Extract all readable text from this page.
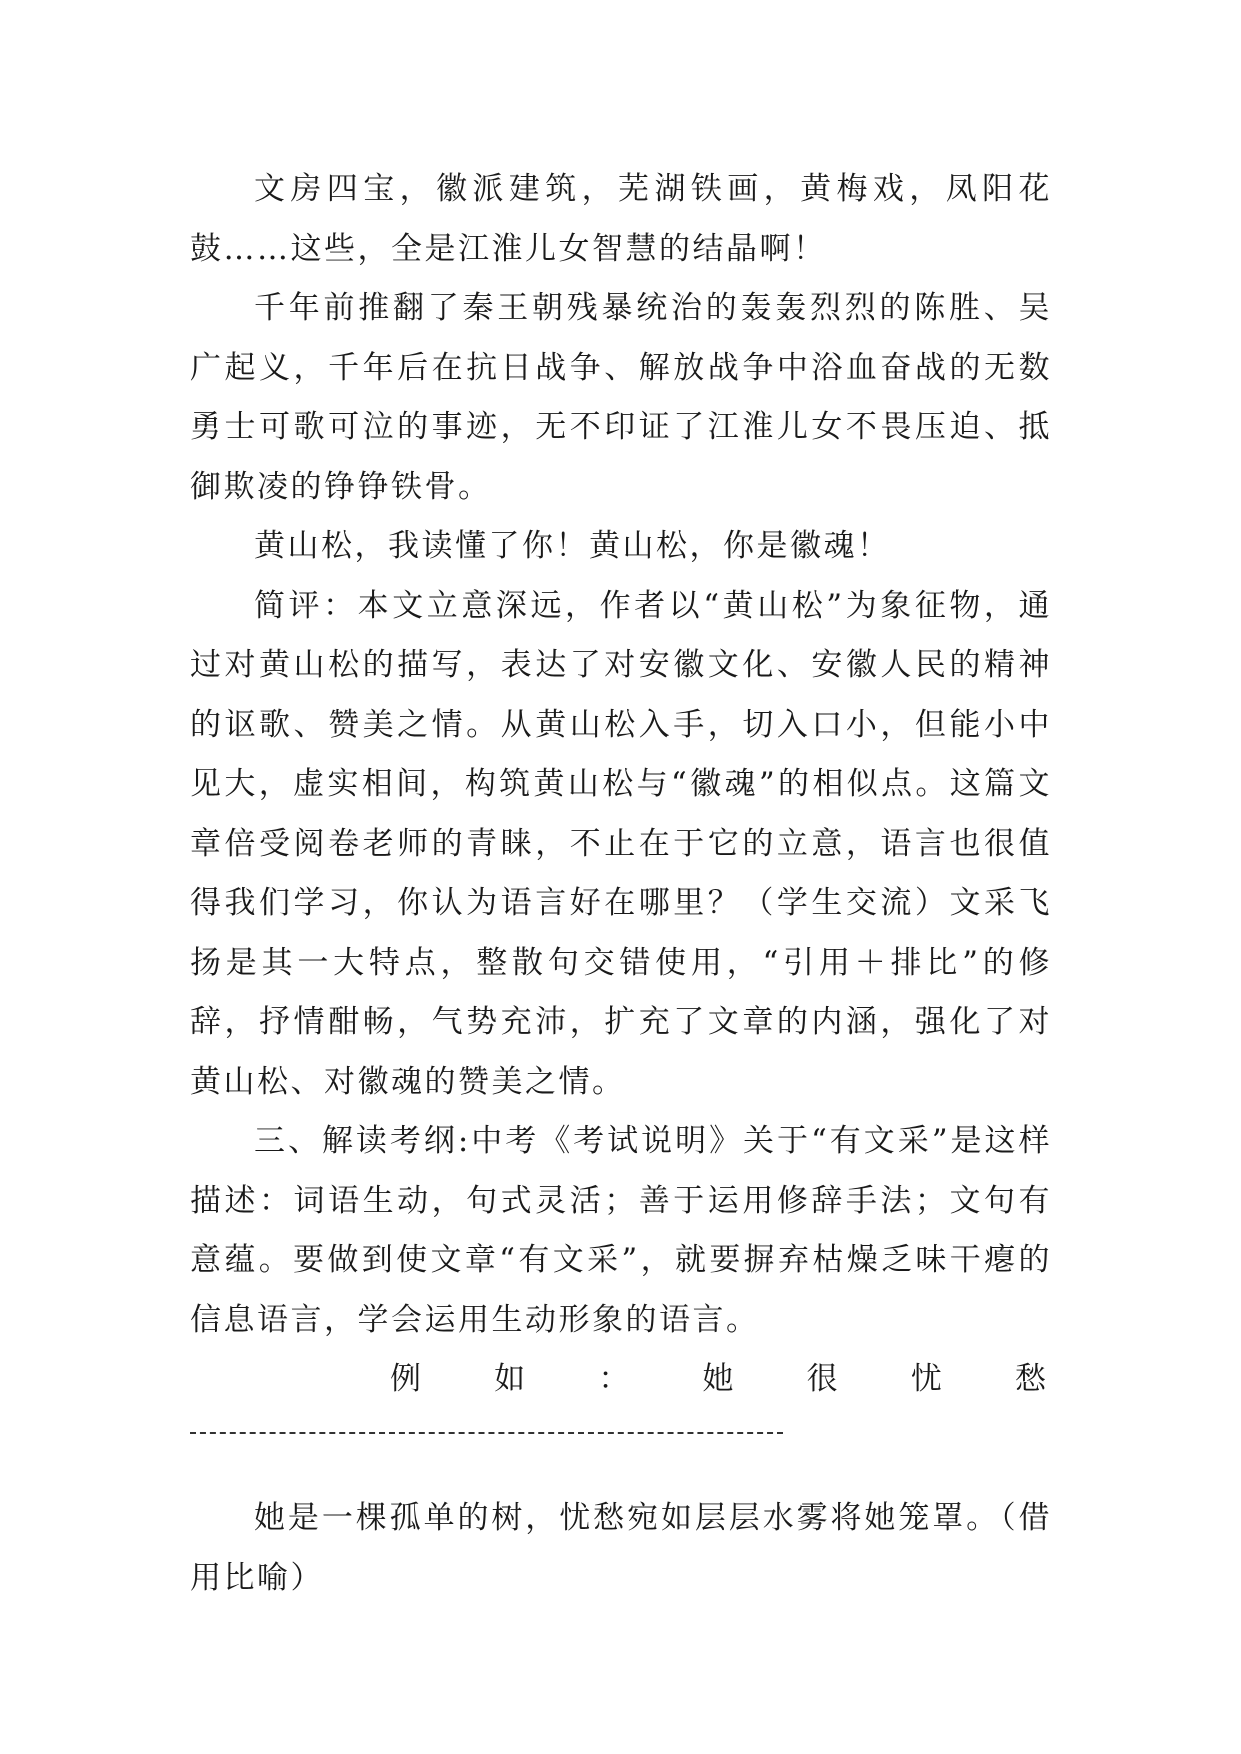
文房四宝，徽派建筑，芜湖铁画，黄梅戏，凤阳花鼓……这些，全是江淮儿女智慧的结晶啊！

千年前推翻了秦王朝残暴统治的轰轰烈烈的陈胜、吴广起义，千年后在抗日战争、解放战争中浴血奋战的无数勇士可歌可泣的事迹，无不印证了江淮儿女不畏压迫、抵御欺凌的铮铮铁骨。

黄山松，我读懂了你！黄山松，你是徽魂！

简评：本文立意深远，作者以“黄山松”为象征物，通过对黄山松的描写，表达了对安徽文化、安徽人民的精神的讴歌、赞美之情。从黄山松入手，切入口小，但能小中见大，虚实相间，构筑黄山松与“徽魂”的相似点。这篇文章倍受阅卷老师的青睐，不止在于它的立意，语言也很值得我们学习，你认为语言好在哪里？（学生交流）文采飞扬是其一大特点，整散句交错使用，“引用＋排比”的修辞，抒情酣畅，气势充沛，扩充了文章的内涵，强化了对黄山松、对徽魂的赞美之情。

三、解读考纲:中考《考试说明》关于“有文采”是这样描述：词语生动，句式灵活；善于运用修辞手法；文句有意蕴。要做到使文章“有文采”，就要摒弃枯燥乏味干瘪的信息语言，学会运用生动形象的语言。

例 如 ： 她 很 忧 愁

她是一棵孤单的树，忧愁宛如层层水雾将她笼罩。（借用比喻）
